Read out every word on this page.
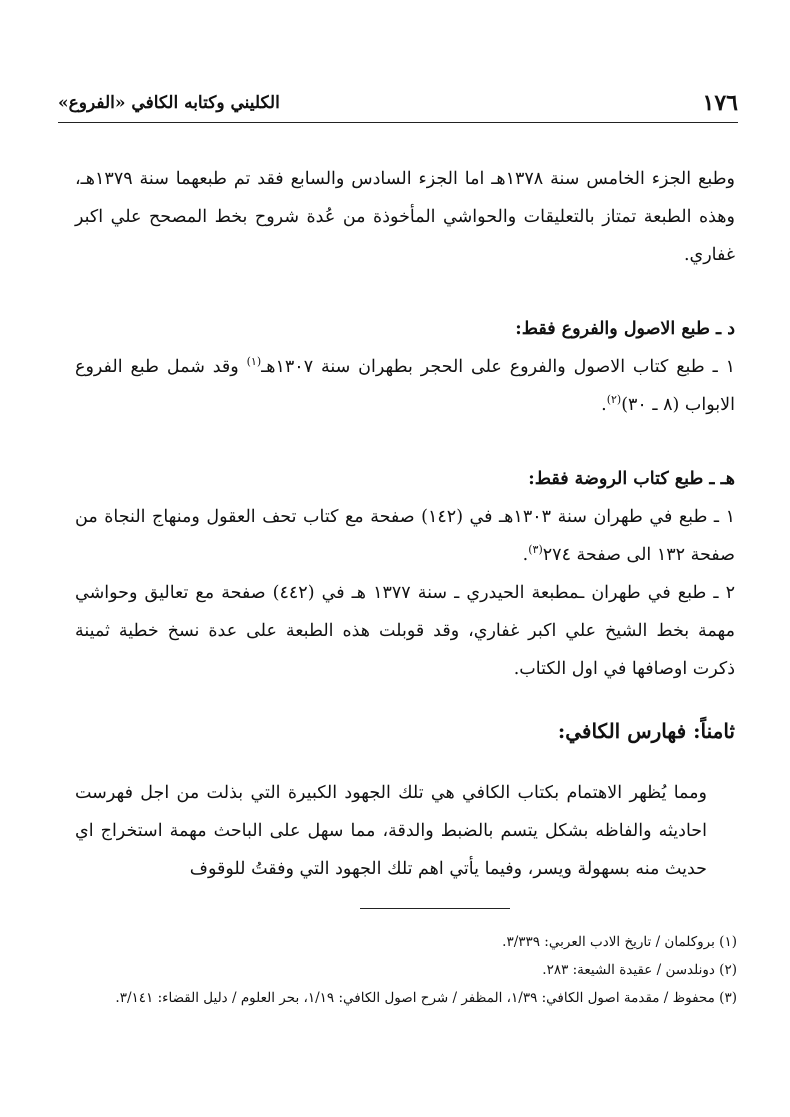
١٧٦
الكليني وكتابه الكافي «الفروع»

وطبع الجزء الخامس سنة ١٣٧٨هـ اما الجزء السادس والسابع فقد تم طبعهما سنة ١٣٧٩هـ، وهذه الطبعة تمتاز بالتعليقات والحواشي المأخوذة من عُدة شروح بخط المصحح علي اكبر غفاري.

د ـ طبع الاصول والفروع فقط:

١ ـ طبع كتاب الاصول والفروع على الحجر بطهران سنة ١٣٠٧هـ$^{(١)}$ وقد شمل طبع الفروع الابواب (٨ ـ ٣٠)$^{(٢)}$.

هـ ـ طبع كتاب الروضة فقط:

١ ـ طبع في طهران سنة ١٣٠٣هـ في (١٤٢) صفحة مع كتاب تحف العقول ومنهاج النجاة من صفحة ١٣٢ الى صفحة ٢٧٤$^{(٣)}$.

٢ ـ طبع في طهران ـمطبعة الحيدري ـ سنة ١٣٧٧ هـ في (٤٤٢) صفحة مع تعاليق وحواشي مهمة بخط الشيخ علي اكبر غفاري، وقد قوبلت هذه الطبعة على عدة نسخ خطية ثمينة ذكرت اوصافها في اول الكتاب.

ثامناً: فهارس الكافي:

ومما يُظهر الاهتمام بكتاب الكافي هي تلك الجهود الكبيرة التي بذلت من اجل فهرست احاديثه والفاظه بشكل يتسم بالضبط والدقة، مما سهل على الباحث مهمة استخراج اي حديث منه بسهولة ويسر، وفيما يأتي اهم تلك الجهود التي وفقتُ للوقوف

(١) بروكلمان / تاريخ الادب العربي: ٣/٣٣٩.

(٢) دونلدسن / عقيدة الشيعة: ٢٨٣.

(٣) محفوظ / مقدمة اصول الكافي: ١/٣٩، المظفر / شرح اصول الكافي: ١/١٩، بحر العلوم / دليل القضاء: ٣/١٤١.
